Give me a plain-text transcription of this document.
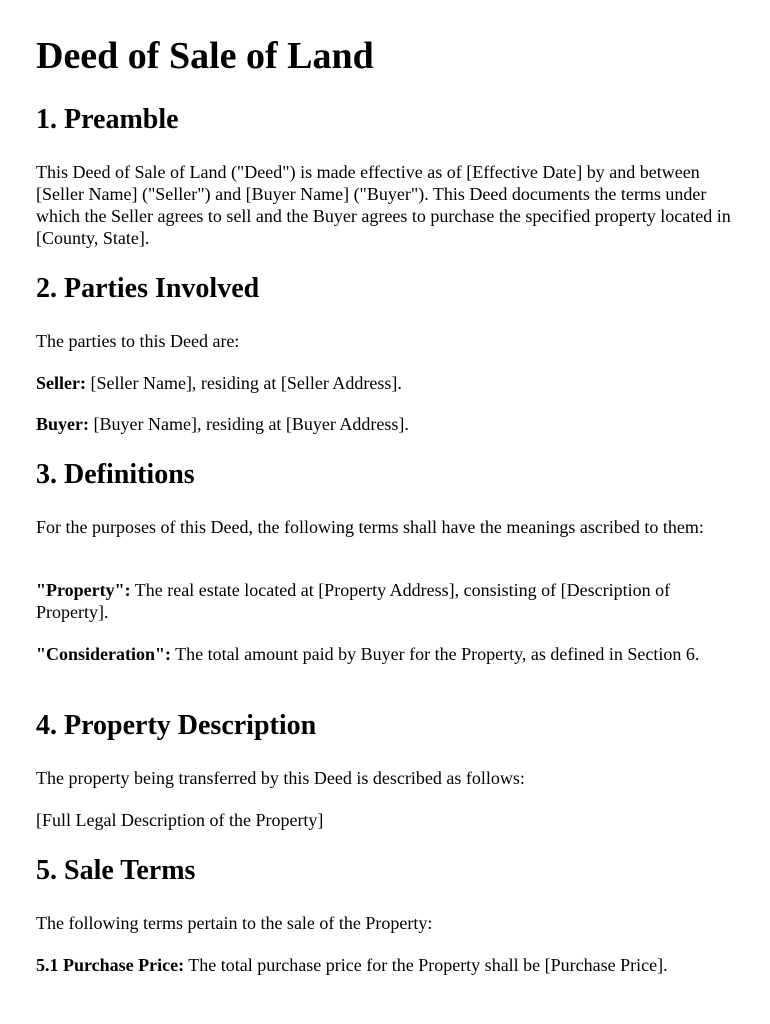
Deed of Sale of Land
1. Preamble

This Deed of Sale of Land ("Deed") is made effective as of [Effective Date] by and between [Seller Name] ("Seller") and [Buyer Name] ("Buyer"). This Deed documents the terms under which the Seller agrees to sell and the Buyer agrees to purchase the specified property located in [County, State].

2. Parties Involved

The parties to this Deed are:

Seller: [Seller Name], residing at [Seller Address].

Buyer: [Buyer Name], residing at [Buyer Address].

3. Definitions

For the purposes of this Deed, the following terms shall have the meanings ascribed to them:

"Property": The real estate located at [Property Address], consisting of [Description of Property].

"Consideration": The total amount paid by Buyer for the Property, as defined in Section 6.

4. Property Description

The property being transferred by this Deed is described as follows:

[Full Legal Description of the Property]

5. Sale Terms

The following terms pertain to the sale of the Property:

5.1 Purchase Price: The total purchase price for the Property shall be [Purchase Price].
